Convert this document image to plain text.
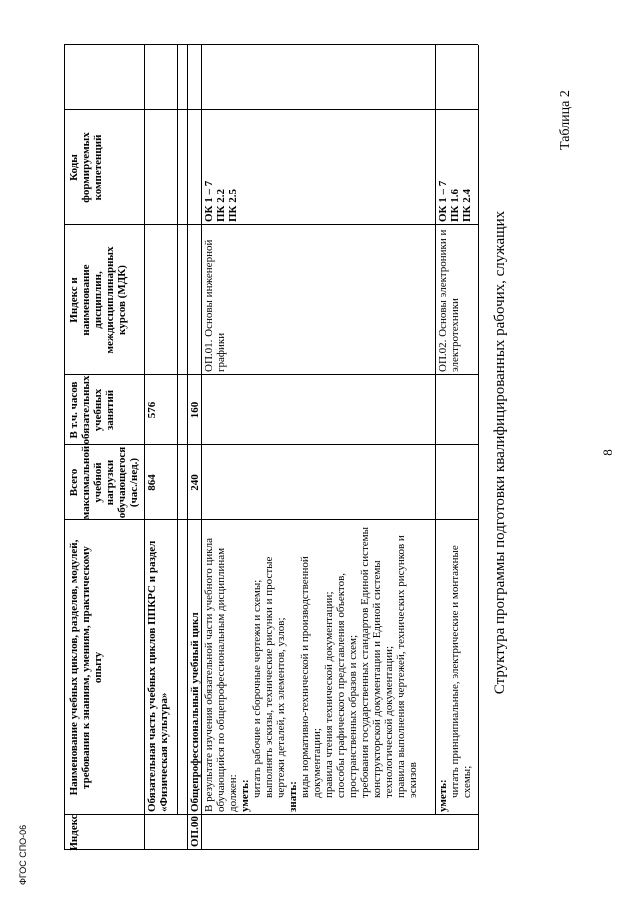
8
Таблица 2
Структура программы подготовки квалифицированных рабочих, служащих
ФГОС СПО-06	Индекс
Наименование учебных циклов, разделов, модулей, требования к знаниям, умениям, практическому опыту
Всего максимальной учебной нагрузки обучающегося (час./нед.)
В т.ч. часов обязательных учебных занятий
Индекс и наименование дисциплин, междисциплинарных курсов (МДК)
Коды формируемых компетенций
Обязательная часть учебных циклов ППКРС и раздел «Физическая культура»
864
576
ОП.00
Общепрофессиональный учебный цикл
240
160
В результате изучения обязательной части учебного цикла обучающийся по общепрофессиональным дисциплинам должен: уметь: читать рабочие и сборочные чертежи и схемы; выполнять эскизы, технические рисунки и простые чертежи деталей, их элементов, узлов; знать: виды нормативно-технической и производственной документации; правила чтения технической документации; способы графического представления объектов, пространственных образов и схем; требования государственных стандартов Единой системы конструкторской документации и Единой системы технологической документации; правила выполнения чертежей, технических рисунков и эскизов
ОП.01. Основы инженерной графики
ОК 1 – 7 ПК 2.2 ПК 2.5
уметь: читать принципиальные, электрические и монтажные схемы;
ОП.02. Основы электроники и электротехники
ОК 1 – 7 ПК 1.6 ПК 2.4
